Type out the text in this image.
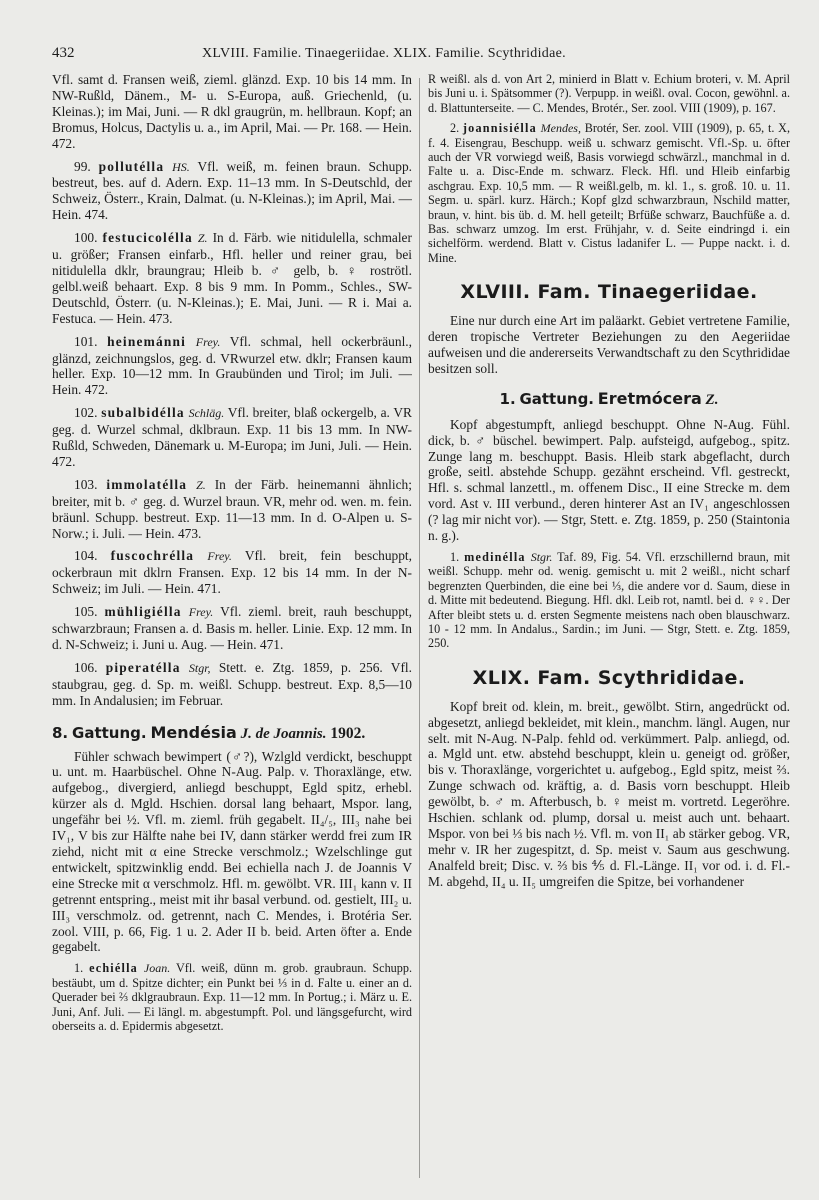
432	XLVIII. Familie. Tinaegeriidae. XLIX. Familie. Scythrididae.

Vfl. samt d. Fransen weiß, zieml. glänzd. Exp. 10 bis 14 mm. In NW-Rußld, Dänem., M- u. S-Europa, auß. Griechenld, (u. Kleinas.); im Mai, Juni. — R dkl graugrün, m. hellbraun. Kopf; an Bromus, Holcus, Dactylis u. a., im April, Mai. — Pr. 168. — Hein. 472.

99. pollutélla HS. Vfl. weiß, m. feinen braun. Schupp. bestreut, bes. auf d. Adern. Exp. 11–13 mm. In S-Deutschld, der Schweiz, Österr., Krain, Dalmat. (u. N-Kleinas.); im April, Mai. — Hein. 474.

100. festucicolélla Z. In d. Färb. wie nitidulella, schmaler u. größer; Fransen einfarb., Hfl. heller und reiner grau, bei nitidulella dklr, braungrau; Hleib b. ♂ gelb, b. ♀ roströtl. gelbl.weiß behaart. Exp. 8 bis 9 mm. In Pomm., Schles., SW-Deutschld, Österr. (u. N-Kleinas.); E. Mai, Juni. — R i. Mai a. Festuca. — Hein. 473.

101. heinemánni Frey. Vfl. schmal, hell ockerbräunl., glänzd, zeichnungslos, geg. d. VRwurzel etw. dklr; Fransen kaum heller. Exp. 10—12 mm. In Graubünden und Tirol; im Juli. — Hein. 472.

102. subalbidélla Schläg. Vfl. breiter, blaß ockergelb, a. VR geg. d. Wurzel schmal, dklbraun. Exp. 11 bis 13 mm. In NW-Rußld, Schweden, Dänemark u. M-Europa; im Juni, Juli. — Hein. 472.

103. immolatélla Z. In der Färb. heinemanni ähnlich; breiter, mit b. ♂ geg. d. Wurzel braun. VR, mehr od. wen. m. fein. bräunl. Schupp. bestreut. Exp. 11—13 mm. In d. O-Alpen u. S-Norw.; i. Juli. — Hein. 473.

104. fuscochrélla Frey. Vfl. breit, fein beschuppt, ockerbraun mit dklrn Fransen. Exp. 12 bis 14 mm. In der N-Schweiz; im Juli. — Hein. 471.

105. mühligiélla Frey. Vfl. zieml. breit, rauh beschuppt, schwarzbraun; Fransen a. d. Basis m. heller. Linie. Exp. 12 mm. In d. N-Schweiz; i. Juni u. Aug. — Hein. 471.

106. piperatélla Stgr, Stett. e. Ztg. 1859, p. 256. Vfl. staubgrau, geg. d. Sp. m. weißl. Schupp. bestreut. Exp. 8,5—10 mm. In Andalusien; im Februar.

8. Gattung. Mendésia J. de Joannis. 1902.

Fühler schwach bewimpert (♂?), Wzlgld verdickt, beschuppt u. unt. m. Haarbüschel. Ohne N-Aug. Palp. v. Thoraxlänge, etw. aufgebog., divergierd, anliegd beschuppt, Egld spitz, erhebl. kürzer als d. Mgld. Hschien. dorsal lang behaart, Mspor. lang, ungefähr bei ½. Vfl. m. zieml. früh gegabelt. II₄/₅, III₃ nahe bei IV₁, V bis zur Hälfte nahe bei IV, dann stärker werdd frei zum IR ziehd, nicht mit α eine Strecke verschmolz.; Wzelschlinge gut entwickelt, spitzwinklig endd. Bei echiella nach J. de Joannis V eine Strecke mit α verschmolz. Hfl. m. gewölbt. VR. III₁ kann v. II getrennt entspring., meist mit ihr basal verbund. od. gestielt, III₂ u. III₃ verschmolz. od. getrennt, nach C. Mendes, i. Brotéria Ser. zool. VIII, p. 66, Fig. 1 u. 2. Ader II b. beid. Arten öfter a. Ende gegabelt.

1. echiélla Joan. Vfl. weiß, dünn m. grob. graubraun. Schupp. bestäubt, um d. Spitze dichter; ein Punkt bei ⅓ in d. Falte u. einer an d. Querader bei ⅔ dklgraubraun. Exp. 11—12 mm. In Portug.; i. März u. E. Juni, Anf. Juli. — Ei längl. m. abgestumpft. Pol. und längsgefurcht, wird oberseits a. d. Epidermis abgesetzt.

R weißl. als d. von Art 2, minierd in Blatt v. Echium broteri, v. M. April bis Juni u. i. Spätsommer (?). Verpupp. in weißl. oval. Cocon, gewöhnl. a. d. Blattunterseite. — C. Mendes, Brotér., Ser. zool. VIII (1909), p. 167.

2. joannisiélla Mendes, Brotér, Ser. zool. VIII (1909), p. 65, t. X, f. 4. Eisengrau, Beschupp. weiß u. schwarz gemischt. Vfl.-Sp. u. öfter auch der VR vorwiegd weiß, Basis vorwiegd schwärzl., manchmal in d. Falte u. a. Disc-Ende m. schwarz. Fleck. Hfl. und Hleib einfarbig aschgrau. Exp. 10,5 mm. — R weißl.gelb, m. kl. 1., s. groß. 10. u. 11. Segm. u. spärl. kurz. Härch.; Kopf glzd schwarzbraun, Nschild matter, braun, v. hint. bis üb. d. M. hell geteilt; Brfüße schwarz, Bauchfüße a. d. Bas. schwarz umzog. Im erst. Frühjahr, v. d. Seite eindringd i. ein sichelförm. werdend. Blatt v. Cistus ladanifer L. — Puppe nackt. i. d. Mine.

XLVIII. Fam. Tinaegeriidae.

Eine nur durch eine Art im paläarkt. Gebiet vertretene Familie, deren tropische Vertreter Beziehungen zu den Aegeriidae aufweisen und die andererseits Verwandtschaft zu den Scythrididae besitzen soll.

1. Gattung. Eretmócera Z.

Kopf abgestumpft, anliegd beschuppt. Ohne N-Aug. Fühl. dick, b. ♂ büschel. bewimpert. Palp. aufsteigd, aufgebog., spitz. Zunge lang m. beschuppt. Basis. Hleib stark abgeflacht, durch große, seitl. abstehde Schupp. gezähnt erscheind. Vfl. gestreckt, Hfl. s. schmal lanzettl., m. offenem Disc., II eine Strecke m. dem vord. Ast v. III verbund., deren hinterer Ast an IV₁ angeschlossen (? lag mir nicht vor). — Stgr, Stett. e. Ztg. 1859, p. 250 (Staintonia n. g.).

1. medinélla Stgr. Taf. 89, Fig. 54. Vfl. erzschillernd braun, mit weißl. Schupp. mehr od. wenig. gemischt u. mit 2 weißl., nicht scharf begrenzten Querbinden, die eine bei ⅓, die andere vor d. Saum, diese in d. Mitte mit bedeutend. Biegung. Hfl. dkl. Leib rot, namtl. bei d. ♀♀. Der After bleibt stets u. d. ersten Segmente meistens nach oben blauschwarz. 10 - 12 mm. In Andalus., Sardin.; im Juni. — Stgr, Stett. e. Ztg. 1859, 250.

XLIX. Fam. Scythrididae.

Kopf breit od. klein, m. breit., gewölbt. Stirn, angedrückt od. abgesetzt, anliegd bekleidet, mit klein., manchm. längl. Augen, nur selt. mit N-Aug. N-Palp. fehld od. verkümmert. Palp. anliegd, od. a. Mgld unt. etw. abstehd beschuppt, klein u. geneigt od. größer, bis v. Thoraxlänge, vorgerichtet u. aufgebog., Egld spitz, meist ⅔. Zunge schwach od. kräftig, a. d. Basis vorn beschuppt. Hleib gewölbt, b. ♂ m. Afterbusch, b. ♀ meist m. vortretd. Legeröhre. Hschien. schlank od. plump, dorsal u. meist auch unt. behaart. Mspor. von bei ⅓ bis nach ½. Vfl. m. von II₁ ab stärker gebog. VR, mehr v. IR her zugespitzt, d. Sp. meist v. Saum aus geschwung. Analfeld breit; Disc. v. ⅔ bis ⅘ d. Fl.-Länge. II₁ vor od. i. d. Fl.-M. abgehd, II₄ u. II₅ umgreifen die Spitze, bei vorhandener
